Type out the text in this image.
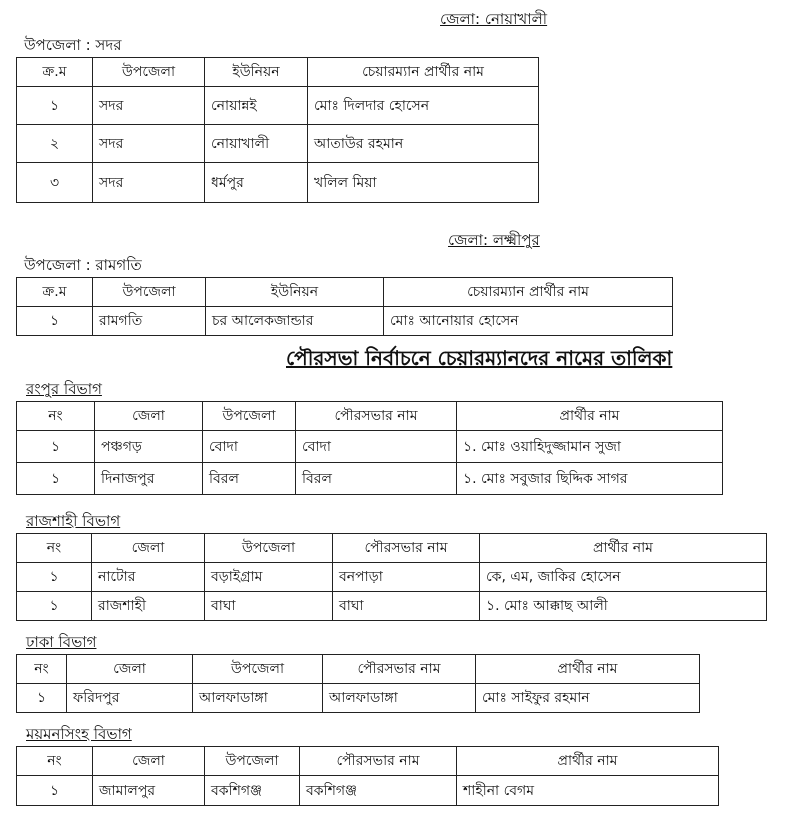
জেলা: নোয়াখালী
উপজেলা : সদর
ক্র.ম	উপজেলা	ইউনিয়ন	চেয়ারম্যান প্রার্থীর নাম
১	সদর	নোয়ান্নই	মোঃ দিলদার হোসেন
২	সদর	নোয়াখালী	আতাউর রহমান
৩	সদর	ধর্মপুর	খলিল মিয়া
জেলা: লক্ষ্মীপুর
উপজেলা : রামগতি
ক্র.ম	উপজেলা	ইউনিয়ন	চেয়ারম্যান প্রার্থীর নাম
১	রামগতি	চর আলেকজান্ডার	মোঃ আনোয়ার হোসেন
পৌরসভা নির্বাচনে চেয়ারম্যানদের নামের তালিকা
রংপুর বিভাগ
নং	জেলা	উপজেলা	পৌরসভার নাম	প্রার্থীর নাম
১	পঞ্চগড়	বোদা	বোদা	১. মোঃ ওয়াহিদুজ্জামান সুজা
১	দিনাজপুর	বিরল	বিরল	১. মোঃ সবুজার ছিদ্দিক সাগর
রাজশাহী বিভাগ
নং	জেলা	উপজেলা	পৌরসভার নাম	প্রার্থীর নাম
১	নাটোর	বড়াইগ্রাম	বনপাড়া	কে, এম, জাকির হোসেন
১	রাজশাহী	বাঘা	বাঘা	১. মোঃ আক্কাছ আলী
ঢাকা বিভাগ
নং	জেলা	উপজেলা	পৌরসভার নাম	প্রার্থীর নাম
১	ফরিদপুর	আলফাডাঙ্গা	আলফাডাঙ্গা	মোঃ সাইফুর রহমান
ময়মনসিংহ বিভাগ
নং	জেলা	উপজেলা	পৌরসভার নাম	প্রার্থীর নাম
১	জামালপুর	বকশিগঞ্জ	বকশিগঞ্জ	শাহীনা বেগম
